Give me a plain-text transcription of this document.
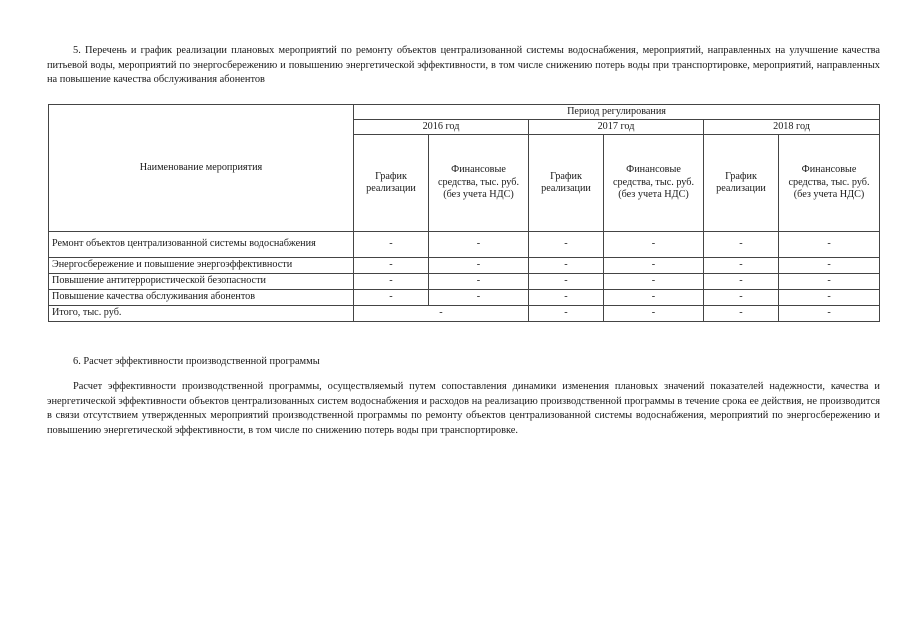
5. Перечень и график реализации плановых мероприятий по ремонту объектов централизованной системы водоснабжения, мероприятий, направленных на улучшение качества питьевой воды, мероприятий по энергосбережению и повышению энергетической эффективности, в том числе снижению потерь воды при транспортировке, мероприятий, направленных на повышение качества обслуживания абонентов

Наименование мероприятия	Период регулирования					
	2016 год		2017 год		2018 год	
	График реализации	Финансовые средства, тыс. руб. (без учета НДС)	График реализации	Финансовые средства, тыс. руб. (без учета НДС)	График реализации	Финансовые средства, тыс. руб. (без учета НДС)
Ремонт объектов централизованной системы водоснабжения	-	-	-	-	-	-
Энергосбережение и повышение энергоэффективности	-	-	-	-	-	-
Повышение антитеррористической безопасности	-	-	-	-	-	-
Повышение качества обслуживания абонентов	-	-	-	-	-	-
Итого, тыс. руб.	-		-	-	-	-

6. Расчет эффективности производственной программы

Расчет эффективности производственной программы, осуществляемый путем сопоставления динамики изменения плановых значений показателей надежности, качества и энергетической эффективности объектов централизованных систем водоснабжения и расходов на реализацию производственной программы в течение срока ее действия, не производится в связи отсутствием утвержденных мероприятий производственной программы по ремонту объектов централизованной системы водоснабжения, мероприятий по энергосбережению и повышению энергетической эффективности, в том числе по снижению потерь воды при транспортировке.
